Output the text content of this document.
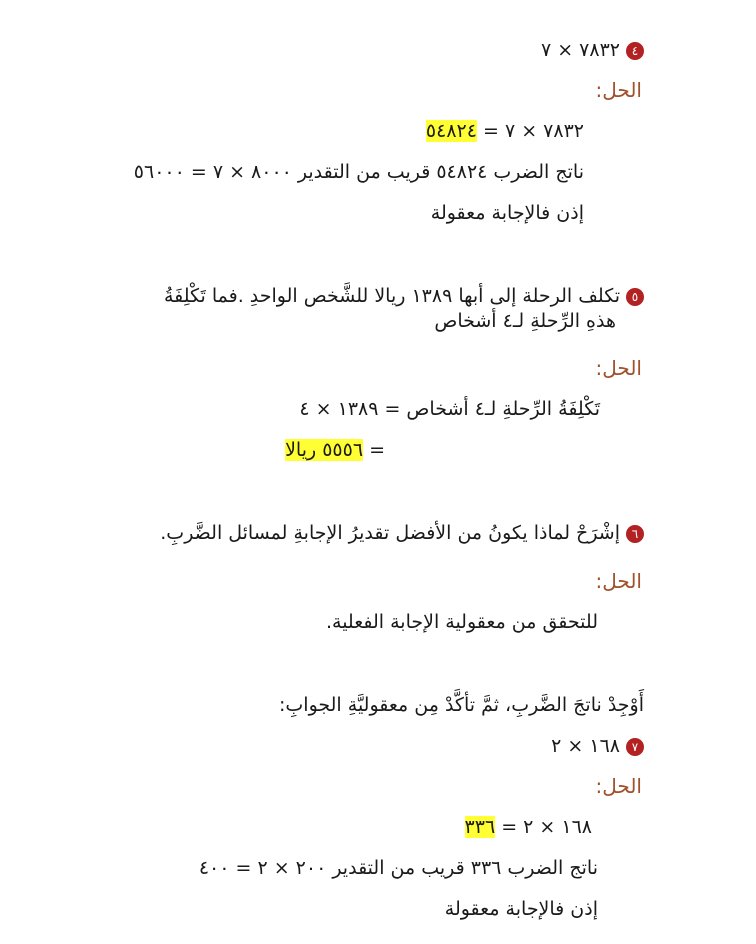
٤٧٨٣٢ × ٧
الحل:
٧٨٣٢ × ٧ = ٥٤٨٢٤
ناتج الضرب ٥٤٨٢٤ قريب من التقدير ٨٠٠٠ × ٧ = ٥٦٠٠٠
إذن فالإجابة معقولة
٥تكلف الرحلة إلى أبها ١٣٨٩ ريالا للشَّخص الواحدِ .فما تَكْلِفَةُ
هذهِ الرِّحلةِ لـ٤ أشخاص
الحل:
تَكْلِفَةُ الرِّحلةِ لـ٤ أشخاص = ١٣٨٩ × ٤
= ٥٥٥٦ ريالا
٦إشْرَحْ لماذا يكونُ من الأفضل تقديرُ الإجابةِ لمسائل الضَّربِ.
الحل:
للتحقق من معقولية الإجابة الفعلية.
أَوْجِدْ ناتجَ الضَّربِ، ثمَّ تأكَّدْ مِن معقوليَّةِ الجوابِ:
٧١٦٨ × ٢
الحل:
١٦٨ × ٢ = ٣٣٦
ناتج الضرب ٣٣٦ قريب من التقدير ٢٠٠ × ٢ = ٤٠٠
إذن فالإجابة معقولة
